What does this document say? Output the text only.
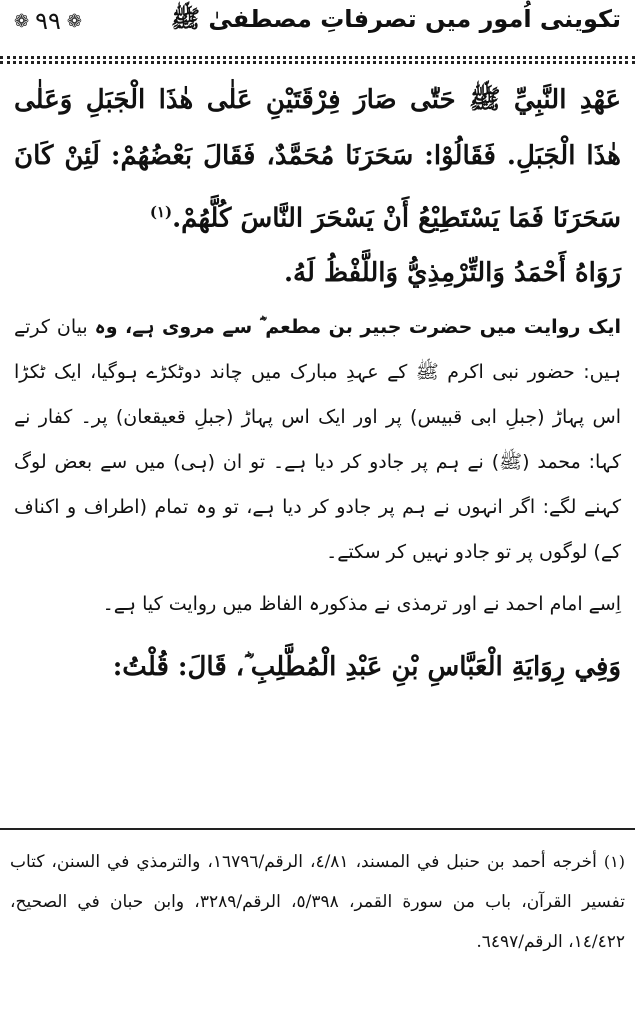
❁ ٩٩ ❁	تکوینی اُمور میں تصرفاتِ مصطفیٰ ﷺ

عَهْدِ النَّبِيِّ ﷺ حَتّٰى صَارَ فِرْقَتَيْنِ عَلٰى هٰذَا الْجَبَلِ وَعَلٰى هٰذَا الْجَبَلِ. فَقَالُوْا: سَحَرَنَا مُحَمَّدٌ، فَقَالَ بَعْضُهُمْ: لَئِنْ كَانَ سَحَرَنَا فَمَا يَسْتَطِيْعُ أَنْ يَسْحَرَ النَّاسَ كُلَّهُمْ.$^{(١)}$

رَوَاهُ أَحْمَدُ وَالتِّرْمِذِيُّ وَاللَّفْظُ لَهُ.

ایک روایت میں حضرت جبیر بن مطعم ؓ سے مروی ہے، وہ بیان کرتے ہیں: حضور نبی اکرم ﷺ کے عہدِ مبارک میں چاند دوٹکڑے ہوگیا، ایک ٹکڑا اس پہاڑ (جبلِ ابی قبیس) پر اور ایک اس پہاڑ (جبلِ قعیقعان) پر۔ کفار نے کہا: محمد (ﷺ) نے ہم پر جادو کر دیا ہے۔ تو ان (ہی) میں سے بعض لوگ کہنے لگے: اگر انہوں نے ہم پر جادو کر دیا ہے، تو وہ تمام (اطراف و اکناف کے) لوگوں پر تو جادو نہیں کر سکتے۔

اِسے امام احمد نے اور ترمذی نے مذکورہ الفاظ میں روایت کیا ہے۔

وَفِي رِوَايَةِ الْعَبَّاسِ بْنِ عَبْدِ الْمُطَّلِبِ ؓ، قَالَ: قُلْتُ:

(١) أخرجه أحمد بن حنبل في المسند، ٤/٨١، الرقم/١٦٧٩٦، والترمذي في السنن، كتاب تفسير القرآن، باب من سورة القمر، ٥/٣٩٨، الرقم/٣٢٨٩، وابن حبان في الصحيح، ١٤/٤٢٢، الرقم/٦٤٩٧.
